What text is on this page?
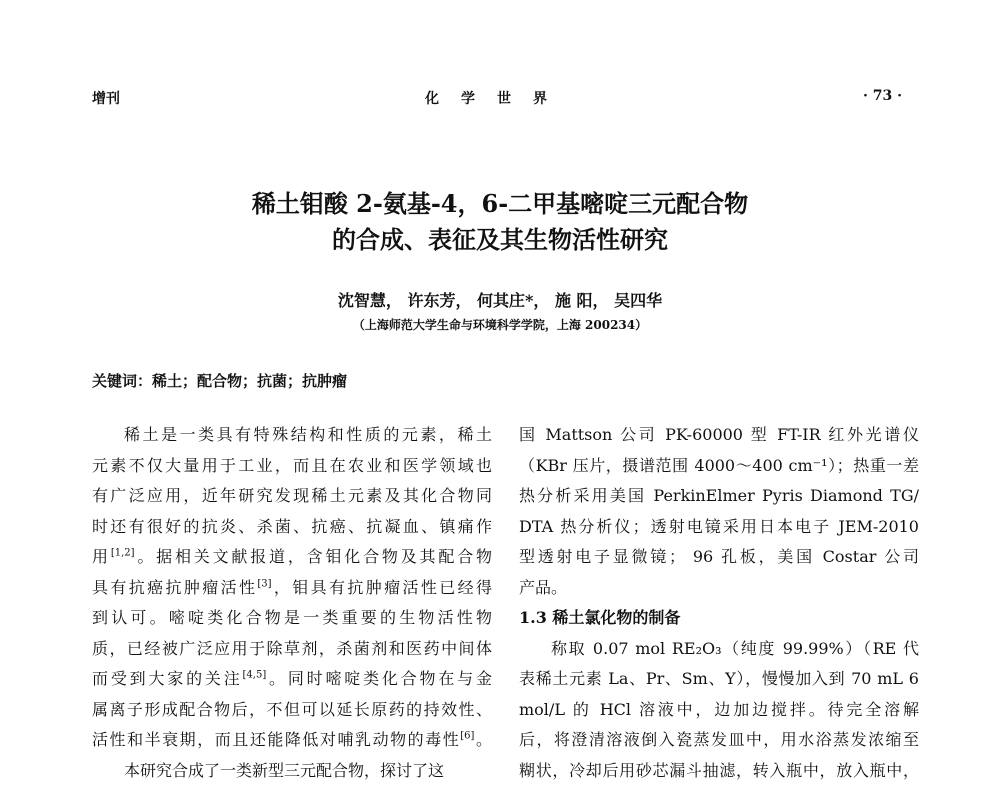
增刊	化学世界	· 73 ·
稀土钼酸 2-氨基-4，6-二甲基嘧啶三元配合物
的合成、表征及其生物活性研究
沈智慧， 许东芳， 何其庄*， 施 阳， 吴四华
（上海师范大学生命与环境科学学院，上海 200234）
关键词：稀土；配合物；抗菌；抗肿瘤
稀土是一类具有特殊结构和性质的元素，稀土
元素不仅大量用于工业，而且在农业和医学领域也
有广泛应用，近年研究发现稀土元素及其化合物同
时还有很好的抗炎、杀菌、抗癌、抗凝血、镇痛作
用[1,2]。据相关文献报道，含钼化合物及其配合物
具有抗癌抗肿瘤活性[3]，钼具有抗肿瘤活性已经得
到认可。嘧啶类化合物是一类重要的生物活性物
质，已经被广泛应用于除草剂，杀菌剂和医药中间体
而受到大家的关注[4,5]。同时嘧啶类化合物在与金
属离子形成配合物后，不但可以延长原药的持效性、
活性和半衰期，而且还能降低对哺乳动物的毒性[6]。
本研究合成了一类新型三元配合物，探讨了这
国 Mattson 公司 PK-60000 型 FT-IR 红外光谱仪
（KBr 压片，摄谱范围 4000～400 cm⁻¹）；热重一差
热分析采用美国 PerkinElmer Pyris Diamond TG/
DTA 热分析仪；透射电镜采用日本电子 JEM-2010
型透射电子显微镜； 96 孔板，美国 Costar 公司
产品。
1.3 稀土氯化物的制备
称取 0.07 mol RE₂O₃（纯度 99.99%）（RE 代
表稀土元素 La、Pr、Sm、Y），慢慢加入到 70 mL 6
mol/L 的 HCl 溶液中，边加边搅拌。待完全溶解
后，将澄清溶液倒入瓷蒸发皿中，用水浴蒸发浓缩至
糊状，冷却后用砂芯漏斗抽滤，转入瓶中，放入瓶中，
